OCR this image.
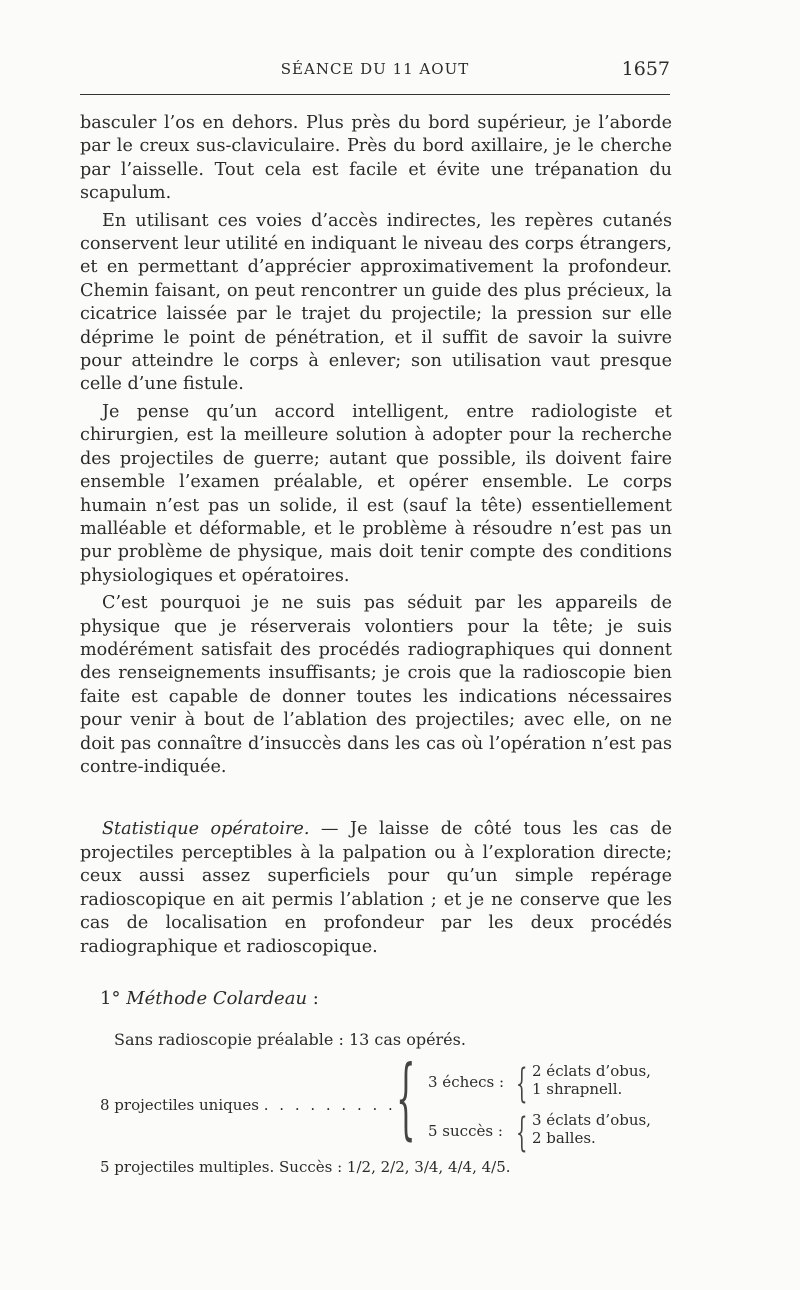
SÉANCE DU 11 AOUT	1657

basculer l’os en dehors. Plus près du bord supérieur, je l’aborde par le creux sus-claviculaire. Près du bord axillaire, je le cherche par l’aisselle. Tout cela est facile et évite une trépanation du scapulum.

En utilisant ces voies d’accès indirectes, les repères cutanés conservent leur utilité en indiquant le niveau des corps étrangers, et en permettant d’apprécier approximativement la profondeur. Chemin faisant, on peut rencontrer un guide des plus précieux, la cicatrice laissée par le trajet du projectile; la pression sur elle déprime le point de pénétration, et il suffit de savoir la suivre pour atteindre le corps à enlever; son utilisation vaut presque celle d’une fistule.

Je pense qu’un accord intelligent, entre radiologiste et chirurgien, est la meilleure solution à adopter pour la recherche des projectiles de guerre; autant que possible, ils doivent faire ensemble l’examen préalable, et opérer ensemble. Le corps humain n’est pas un solide, il est (sauf la tête) essentiellement malléable et déformable, et le problème à résoudre n’est pas un pur problème de physique, mais doit tenir compte des conditions physiologiques et opératoires.

C’est pourquoi je ne suis pas séduit par les appareils de physique que je réserverais volontiers pour la tête; je suis modérément satisfait des procédés radiographiques qui donnent des renseignements insuffisants; je crois que la radioscopie bien faite est capable de donner toutes les indications nécessaires pour venir à bout de l’ablation des projectiles; avec elle, on ne doit pas connaître d’insuccès dans les cas où l’opération n’est pas contre-indiquée.

Statistique opératoire. — Je laisse de côté tous les cas de projectiles perceptibles à la palpation ou à l’exploration directe; ceux aussi assez superficiels pour qu’un simple repérage radioscopique en ait permis l’ablation ; et je ne conserve que les cas de localisation en profondeur par les deux procédés radiographique et radioscopique.

1° Méthode Colardeau :
Sans radioscopie préalable : 13 cas opérés.
8 projectiles uniques . . . . . . . . . .
{ 3 échecs : { 2 éclats d’obus,
1 shrapnell.
5 succès : { 3 éclats d’obus,
2 balles.
5 projectiles multiples. Succès : 1/2, 2/2, 3/4, 4/4, 4/5.
